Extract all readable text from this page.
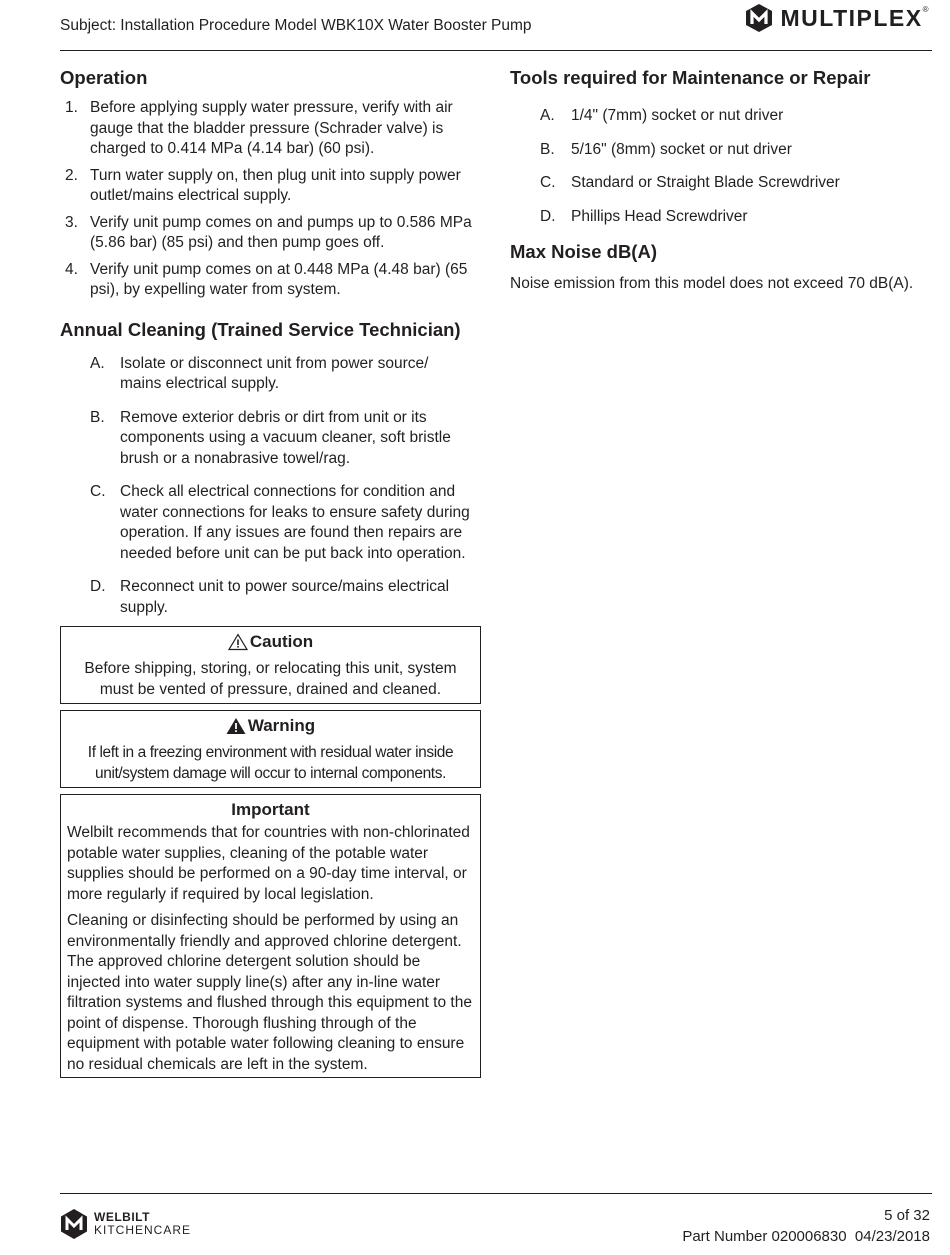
Subject: Installation Procedure Model WBK10X Water Booster Pump	MULTIPLEX®
Operation
1. Before applying supply water pressure, verify with air gauge that the bladder pressure (Schrader valve) is charged to 0.414 MPa (4.14 bar) (60 psi).
2. Turn water supply on, then plug unit into supply power outlet/mains electrical supply.
3. Verify unit pump comes on and pumps up to 0.586 MPa (5.86 bar) (85 psi) and then pump goes off.
4. Verify unit pump comes on at 0.448 MPa (4.48 bar) (65 psi), by expelling water from system.
Annual Cleaning (Trained Service Technician)
A. Isolate or disconnect unit from power source/ mains electrical supply.
B. Remove exterior debris or dirt from unit or its components using a vacuum cleaner, soft bristle brush or a nonabrasive towel/rag.
C. Check all electrical connections for condition and water connections for leaks to ensure safety during operation. If any issues are found then repairs are needed before unit can be put back into operation.
D. Reconnect unit to power source/mains electrical supply.
Caution
Before shipping, storing, or relocating this unit, system must be vented of pressure, drained and cleaned.
Warning
If left in a freezing environment with residual water inside unit/system damage will occur to internal components.
Important

Welbilt recommends that for countries with non-chlorinated potable water supplies, cleaning of the potable water supplies should be performed on a 90-day time interval, or more regularly if required by local legislation.

Cleaning or disinfecting should be performed by using an environmentally friendly and approved chlorine detergent. The approved chlorine detergent solution should be injected into water supply line(s) after any in-line water filtration systems and flushed through this equipment to the point of dispense. Thorough flushing through of the equipment with potable water following cleaning to ensure no residual chemicals are left in the system.

Tools required for Maintenance or Repair
A.	1/4" (7mm) socket or nut driver
B.	5/16" (8mm) socket or nut driver
C.	Standard or Straight Blade Screwdriver
D.	Phillips Head Screwdriver
Max Noise dB(A)
Noise emission from this model does not exceed 70 dB(A).
WELBILT
KITCHENCARE
5 of 32
Part Number 020006830  04/23/2018
